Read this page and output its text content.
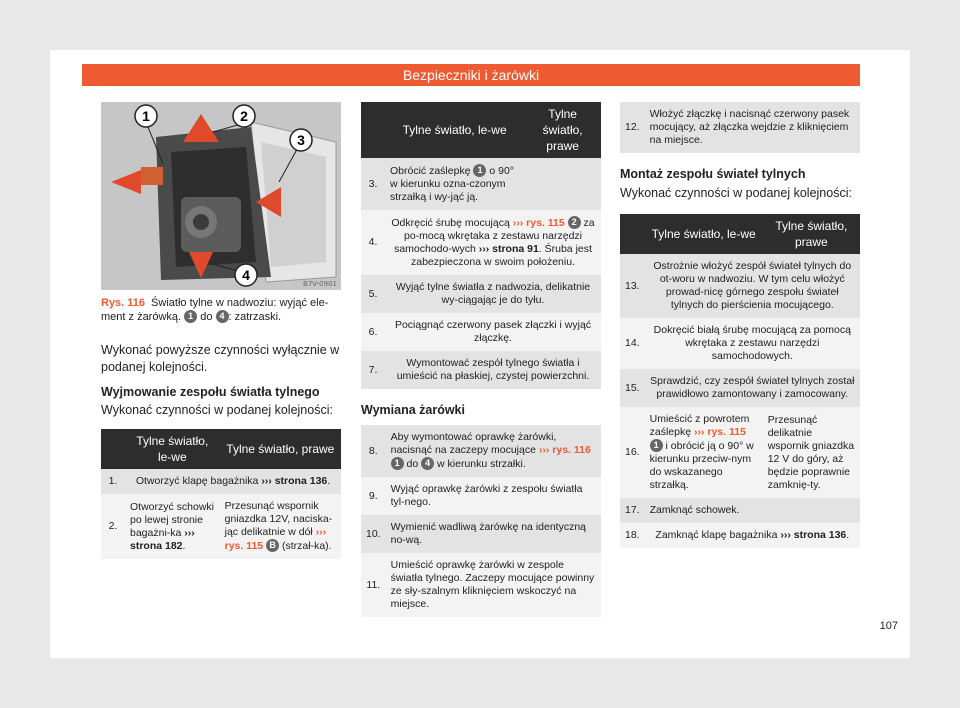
Bezpieczniki i żarówki
1	2
3
4
B7V-0901
Rys. 116 Światło tylne w nadwoziu: wyjąć ele-ment z żarówką. 1 do 4 : zatrzaski.

Wykonać powyższe czynności wyłącznie w podanej kolejności.

Wyjmowanie zespołu światła tylnego

Wykonać czynności w podanej kolejności:

	Tylne światło, le-we	Tylne światło, prawe
1.	Otworzyć klapę bagażnika ››› strona 136.	
2.	Otworzyć schowki po lewej stronie bagażni-ka ››› strona 182.	Przesunąć wspornik gniazdka 12V, naciska-jąc delikatnie w dół ››› rys. 115 B (strzał-ka).
	Tylne światło, le-we	Tylne światło, prawe
3.	Obrócić zaślepkę 1 o 90° w kierunku ozna-czonym strzałką i wy-jąć ją.	
4.	Odkręcić śrubę mocującą ››› rys. 115 2 za po-mocą wkrętaka z zestawu narzędzi samochodo-wych ››› strona 91. Śruba jest zabezpieczona w swoim położeniu.	
5.	Wyjąć tylne światła z nadwozia, delikatnie wy-ciągając je do tyłu.	
6.	Pociągnąć czerwony pasek złączki i wyjąć złączkę.	
7.	Wymontować zespół tylnego światła i umieścić na płaskiej, czystej powierzchni.	
Wymiana żarówki
8.	Aby wymontować oprawkę żarówki, nacisnąć na zaczepy mocujące ››› rys. 116 1 do 4 w kierunku strzałki.
9.	Wyjąć oprawkę żarówki z zespołu światła tyl-nego.
10.	Wymienić wadliwą żarówkę na identyczną no-wą.
11.	Umieścić oprawkę żarówki w zespole światła tylnego. Zaczepy mocujące powinny ze sły-szalnym kliknięciem wskoczyć na miejsce.
12.	Włożyć złączkę i nacisnąć czerwony pasek mocujący, aż złączka wejdzie z kliknięciem na miejsce.
Montaż zespołu świateł tylnych

Wykonać czynności w podanej kolejności:

	Tylne światło, le-we	Tylne światło, prawe
13.	Ostrożnie włożyć zespół świateł tylnych do ot-woru w nadwoziu. W tym celu włożyć prowad-nicę górnego zespołu świateł tylnych do pierścienia mocującego.	
14.	Dokręcić białą śrubę mocującą za pomocą wkrętaka z zestawu narzędzi samochodowych.	
15.	Sprawdzić, czy zespół świateł tylnych został prawidłowo zamontowany i zamocowany.	
16.	Umieścić z powrotem zaślepkę ››› rys. 115 1 i obrócić ją o 90° w kierunku przeciw-nym do wskazanego strzałką.	Przesunąć delikatnie wspornik gniazdka 12 V do góry, aż będzie poprawnie zamknię-ty.
17.	Zamknąć schowek.	
18.	Zamknąć klapę bagażnika ››› strona 136.	
107
